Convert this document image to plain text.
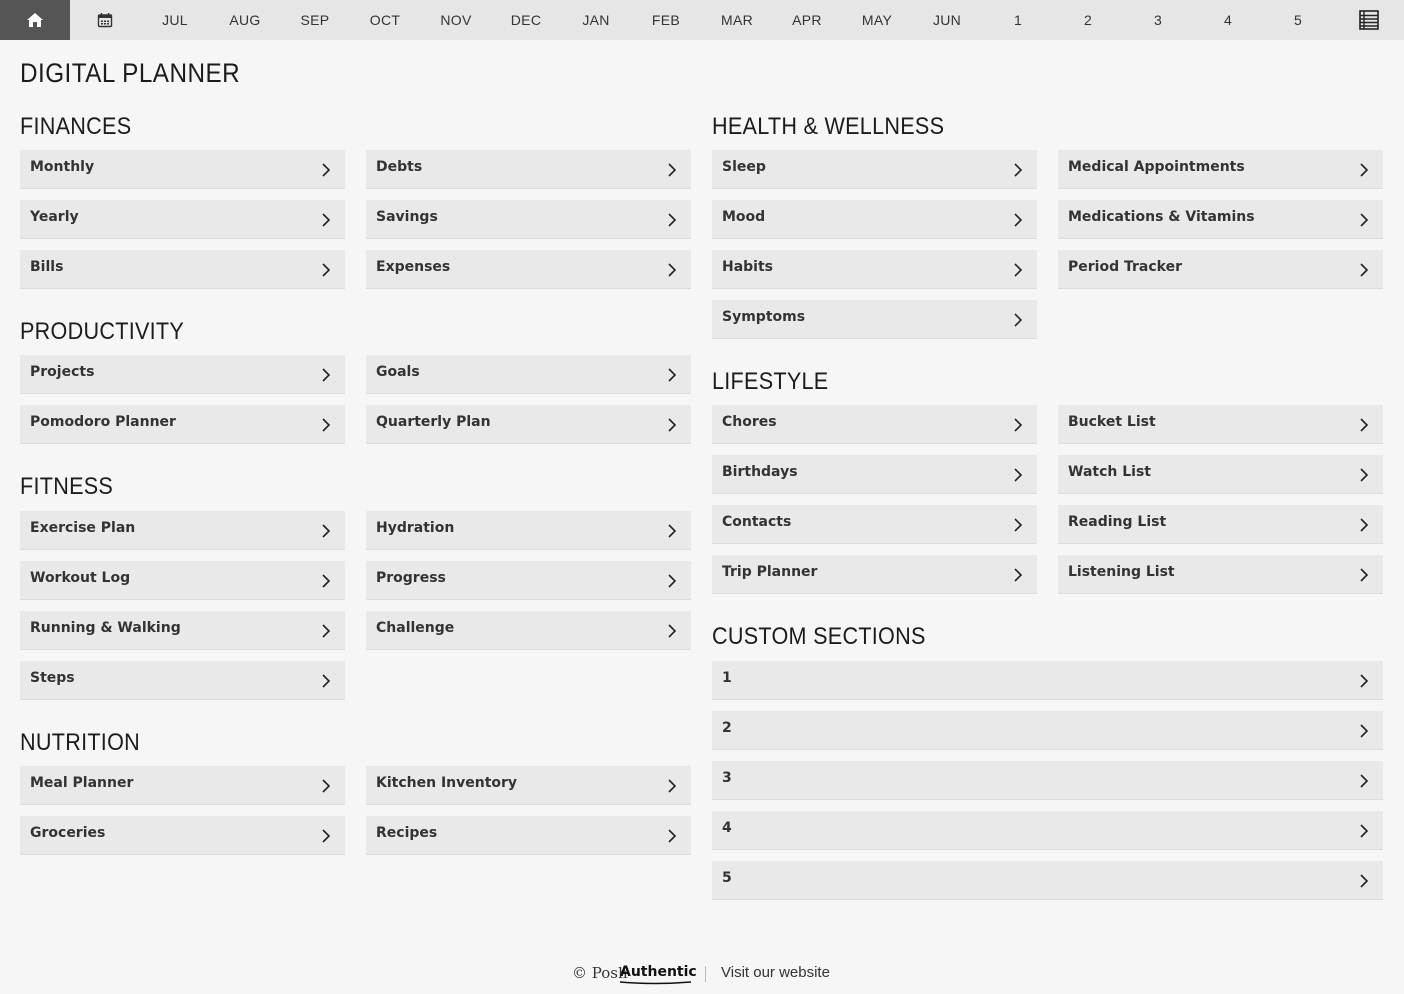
JUL	AUG	SEP	OCT	NOV	DEC	JAN	FEB	MAR	APR	MAY	JUN	1	2	3	4	5
DIGITAL PLANNER
FINANCES
Monthly	Debts
Yearly	Savings
Bills	Expenses
PRODUCTIVITY
Projects	Goals
Pomodoro Planner	Quarterly Plan
FITNESS
Exercise Plan	Hydration
Workout Log	Progress
Running & Walking	Challenge
Steps
NUTRITION
Meal Planner	Kitchen Inventory
Groceries	Recipes
HEALTH & WELLNESS
Sleep	Medical Appointments
Mood	Medications & Vitamins
Habits	Period Tracker
Symptoms
LIFESTYLE
Chores	Bucket List
Birthdays	Watch List
Contacts	Reading List
Trip Planner	Listening List
CUSTOM SECTIONS
1
2
3
4
5
© Posh
Authentic Visit our website
